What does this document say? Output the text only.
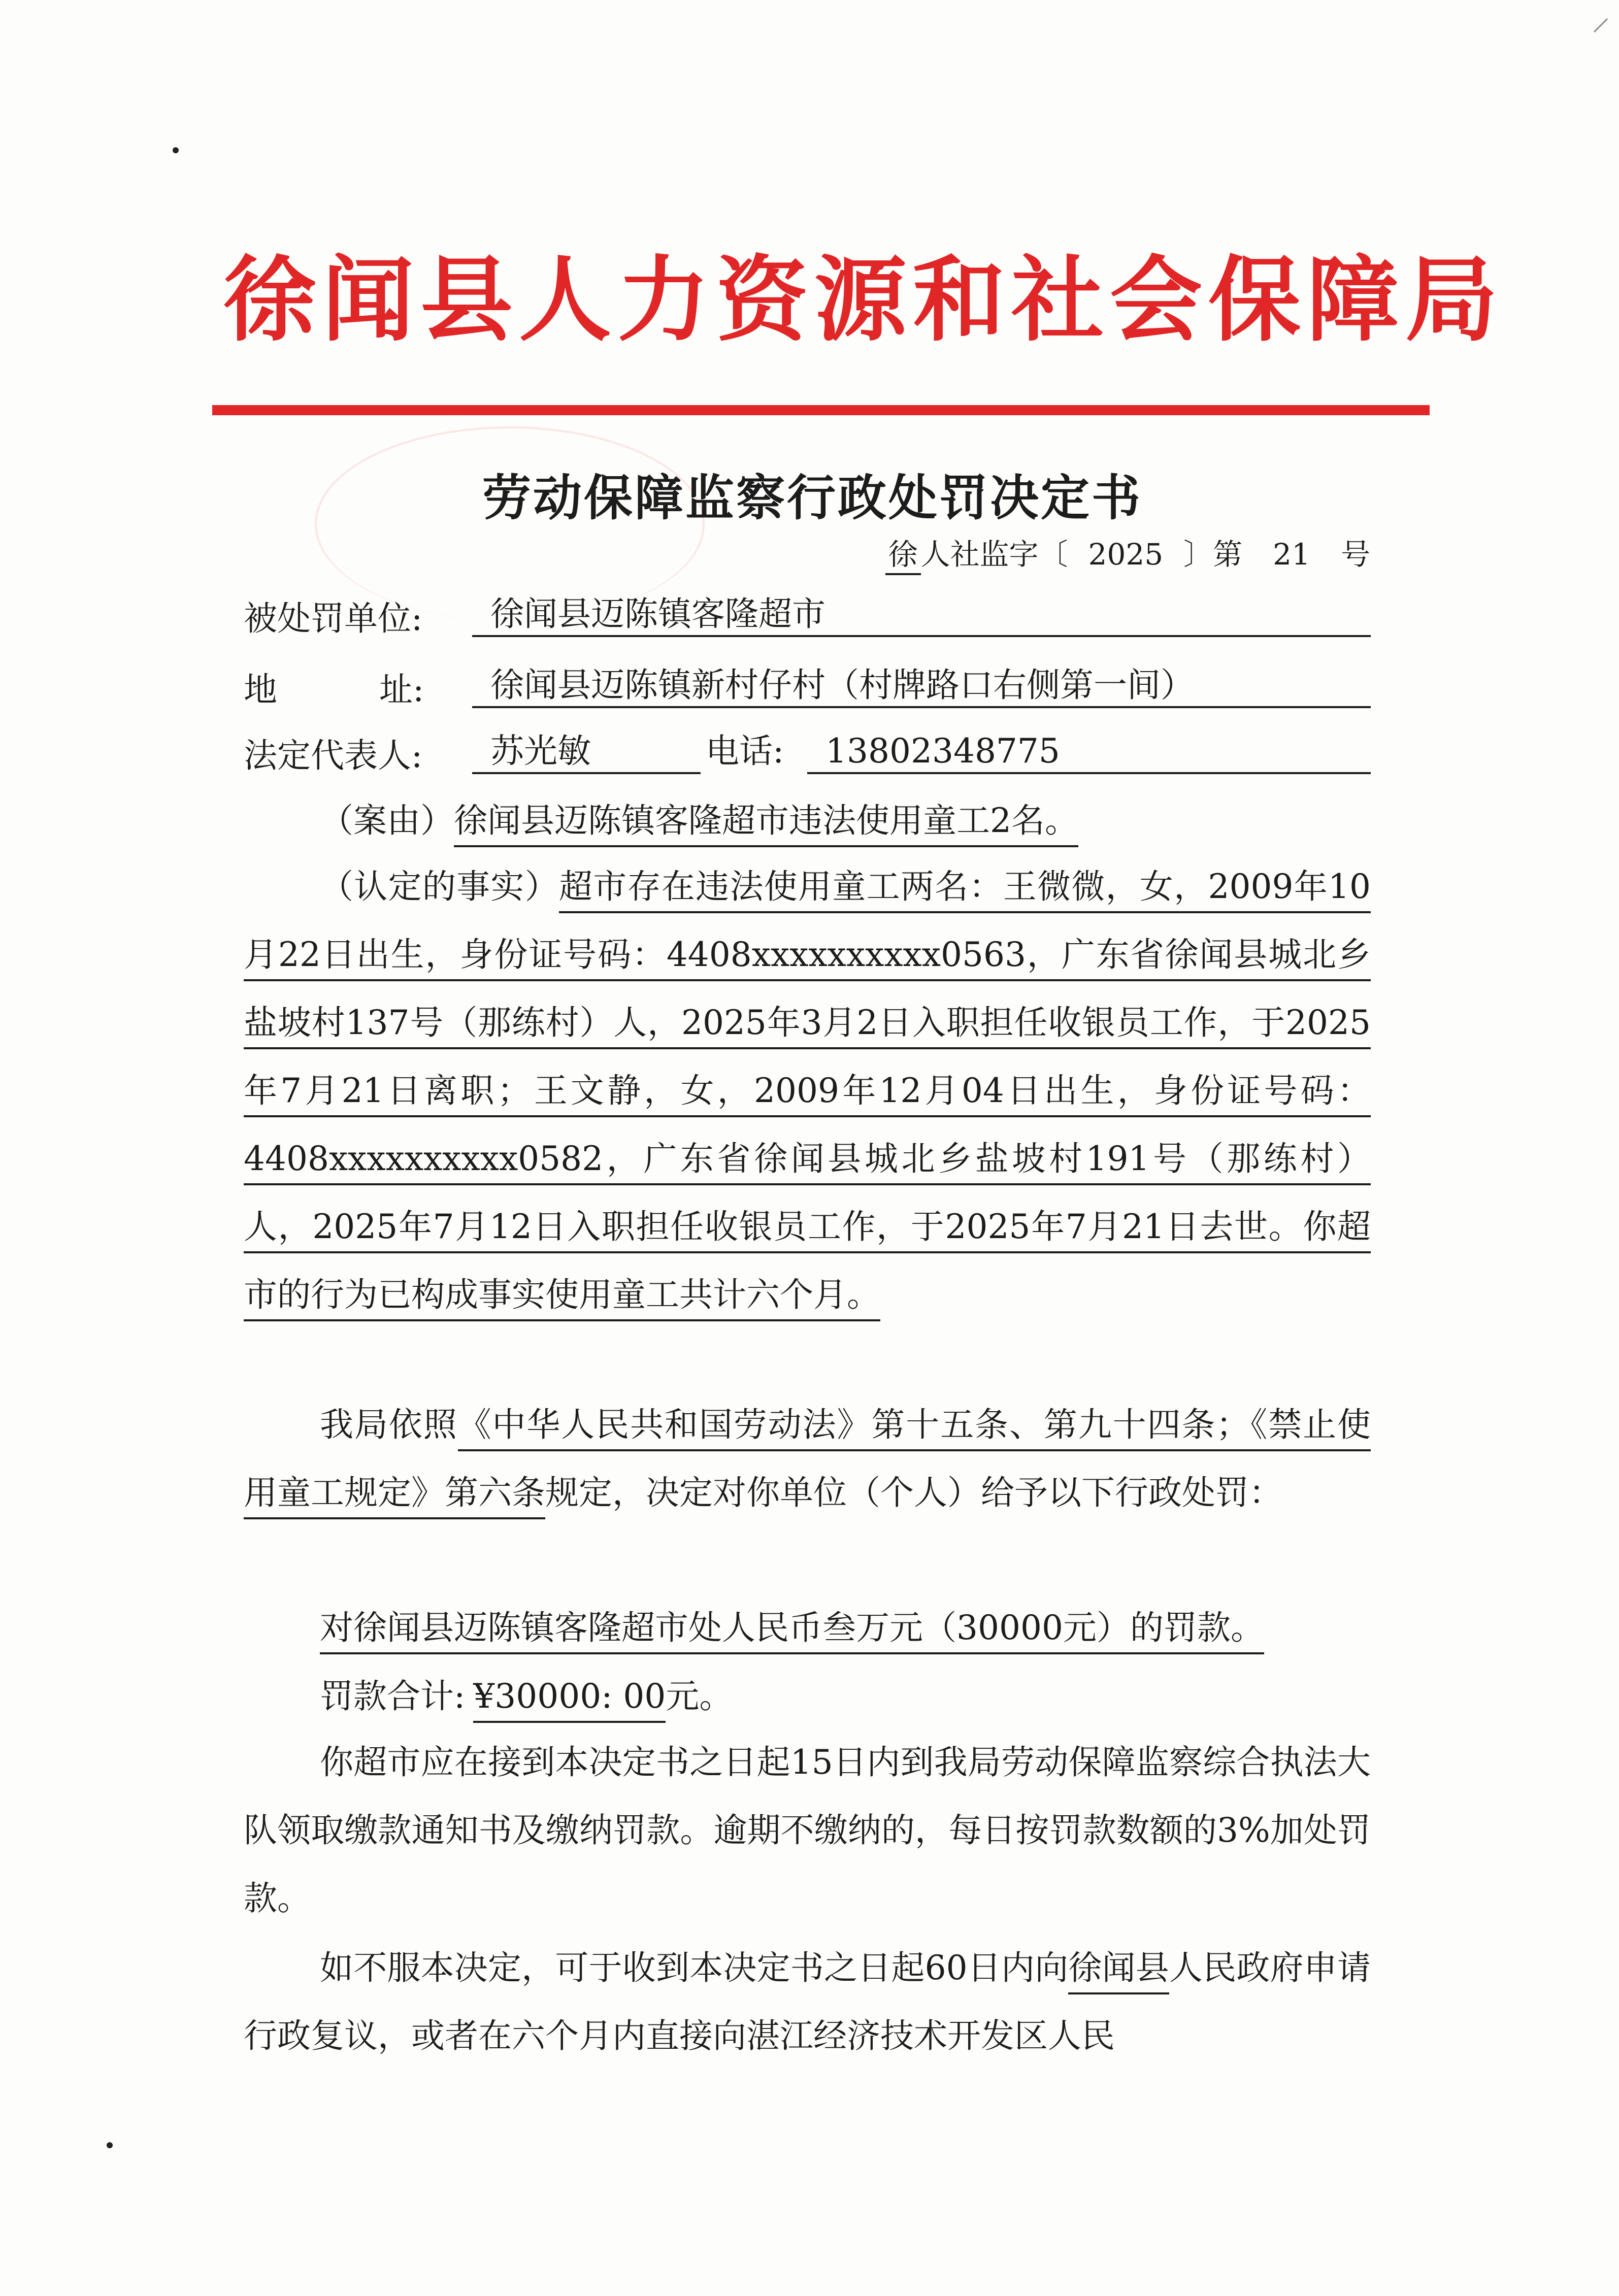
徐闻县人力资源和社会保障局
劳动保障监察行政处罚决定书
徐 人社监字〔 2025 〕第 21 号
被处罚单位:	徐闻县迈陈镇客隆超市
地	址:	徐闻县迈陈镇新村仔村（村牌路口右侧第一间）
法定代表人:	苏光敏	电话:	13802348775
（案由）徐闻县迈陈镇客隆超市违法使用童工2名。
（认定的事实）超市存在违法使用童工两名：王微微，女，2009年10月22日出生，身份证号码：4408xxxxxxxxxx0563，广东省徐闻县城北乡盐坡村137号（那练村）人，2025年3月2日入职担任收银员工作，于2025年7月21日离职；王文静，女，2009年12月04日出生，身份证号码：4408xxxxxxxxxx0582，广东省徐闻县城北乡盐坡村191号（那练村）人，2025年7月12日入职担任收银员工作，于2025年7月21日去世。你超市的行为已构成事实使用童工共计六个月。
我局依照《中华人民共和国劳动法》第十五条、第九十四条；《禁止使用童工规定》第六条规定，决定对你单位（个人）给予以下行政处罚：
对徐闻县迈陈镇客隆超市处人民币叁万元（30000元）的罚款。
罚款合计: ¥30000: 00元。
你超市应在接到本决定书之日起15日内到我局劳动保障监察综合执法大队领取缴款通知书及缴纳罚款。逾期不缴纳的，每日按罚款数额的3%加处罚款。
如不服本决定，可于收到本决定书之日起60日内向徐闻县人民政府申请行政复议，或者在六个月内直接向湛江经济技术开发区人民
